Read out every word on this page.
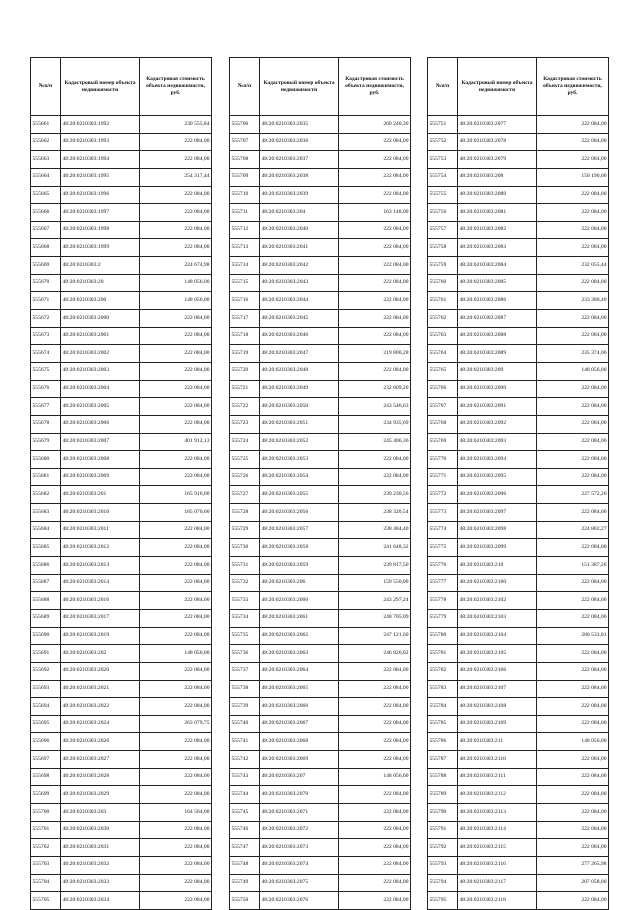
№п/п	Кадастровый номер объекта недвижимости	Кадастровая стоимость объекта недвижимости, руб.
555661	48:20:0210303:1992	230 555,84
555662	48:20:0210303:1993	222 084,00
555663	48:20:0210303:1994	222 084,00
555664	48:20:0210303:1995	254 317,44
555665	48:20:0210303:1996	222 084,00
555666	48:20:0210303:1997	222 084,00
555667	48:20:0210303:1998	222 084,00
555668	48:20:0210303:1999	222 084,00
555669	48:20:0210303:2	224 674,98
555670	48:20:0210303:20	148 056,00
555671	48:20:0210303:200	148 056,00
555672	48:20:0210303:2000	222 084,00
555673	48:20:0210303:2001	222 084,00
555674	48:20:0210303:2002	222 084,00
555675	48:20:0210303:2003	222 084,00
555676	48:20:0210303:2004	222 084,00
555677	48:20:0210303:2005	222 084,00
555678	48:20:0210303:2006	222 084,00
555679	48:20:0210303:2007	401 912,13
555680	48:20:0210303:2008	222 084,00
555681	48:20:0210303:2009	222 084,00
555682	48:20:0210303:201	165 916,00
555683	48:20:0210303:2010	185 070,00
555684	48:20:0210303:2011	222 084,00
555685	48:20:0210303:2012	222 084,00
555686	48:20:0210303:2013	222 084,00
555687	48:20:0210303:2014	222 084,00
555688	48:20:0210303:2016	222 084,00
555689	48:20:0210303:2017	222 084,00
555690	48:20:0210303:2019	222 084,00
555691	48:20:0210303:202	148 056,00
555692	48:20:0210303:2020	222 084,00
555693	48:20:0210303:2021	222 084,00
555694	48:20:0210303:2022	222 084,00
555695	48:20:0210303:2024	263 079,75
555696	48:20:0210303:2026	222 084,00
555697	48:20:0210303:2027	222 084,00
555698	48:20:0210303:2028	222 084,00
555699	48:20:0210303:2029	222 084,00
555700	48:20:0210303:203	164 564,00
555701	48:20:0210303:2030	222 084,00
555702	48:20:0210303:2031	222 084,00
555703	48:20:0210303:2032	222 084,00
555704	48:20:0210303:2033	222 084,00
555705	48:20:0210303:2034	222 084,00
№п/п	Кадастровый номер объекта недвижимости	Кадастровая стоимость объекта недвижимости, руб.
555706	48:20:0210303:2035	260 240,30
555707	48:20:0210303:2036	222 084,00
555708	48:20:0210303:2037	222 084,00
555709	48:20:0210303:2038	222 084,00
555710	48:20:0210303:2039	222 084,00
555711	48:20:0210303:204	163 148,00
555712	48:20:0210303:2040	222 084,00
555713	48:20:0210303:2041	222 084,00
555714	48:20:0210303:2042	222 084,00
555715	48:20:0210303:2043	222 084,00
555716	48:20:0210303:2044	222 084,00
555717	48:20:0210303:2045	222 084,00
555718	48:20:0210303:2046	222 084,00
555719	48:20:0210303:2047	219 800,28
555720	48:20:0210303:2048	222 084,00
555721	48:20:0210303:2049	232 609,20
555722	48:20:0210303:2050	243 546,63
555723	48:20:0210303:2051	234 935,69
555724	48:20:0210303:2052	245 406,36
555725	48:20:0210303:2053	222 084,00
555726	48:20:0210303:2054	222 084,00
555727	48:20:0210303:2055	239 230,56
555728	48:20:0210303:2056	238 320,54
555729	48:20:0210303:2057	238 484,40
555730	48:20:0210303:2058	241 648,32
555731	48:20:0210303:2059	239 817,50
555732	48:20:0210303:206	159 550,00
555733	48:20:0210303:2060	243 297,24
555734	48:20:0210303:2061	240 705,09
555735	48:20:0210303:2062	247 121,60
555736	48:20:0210303:2063	246 826,02
555737	48:20:0210303:2064	222 084,00
555738	48:20:0210303:2065	222 084,00
555739	48:20:0210303:2066	222 084,00
555740	48:20:0210303:2067	222 084,00
555741	48:20:0210303:2068	222 084,00
555742	48:20:0210303:2069	222 084,00
555743	48:20:0210303:207	148 056,00
555744	48:20:0210303:2070	222 084,00
555745	48:20:0210303:2071	222 084,00
555746	48:20:0210303:2072	222 084,00
555747	48:20:0210303:2073	222 084,00
555748	48:20:0210303:2074	222 084,00
555749	48:20:0210303:2075	222 084,00
555750	48:20:0210303:2076	222 084,00
№п/п	Кадастровый номер объекта недвижимости	Кадастровая стоимость объекта недвижимости, руб.
555751	48:20:0210303:2077	222 084,00
555752	48:20:0210303:2078	222 084,00
555753	48:20:0210303:2079	222 084,00
555754	48:20:0210303:208	150 190,00
555755	48:20:0210303:2080	222 084,00
555756	48:20:0210303:2081	222 084,00
555757	48:20:0210303:2082	222 084,00
555758	48:20:0210303:2083	222 084,00
555759	48:20:0210303:2084	232 055,44
555760	48:20:0210303:2085	222 084,00
555761	48:20:0210303:2086	233 380,40
555762	48:20:0210303:2087	222 084,00
555763	48:20:0210303:2088	222 084,00
555764	48:20:0210303:2089	235 374,00
555765	48:20:0210303:209	148 056,00
555766	48:20:0210303:2090	222 084,00
555767	48:20:0210303:2091	222 084,00
555768	48:20:0210303:2092	222 084,00
555769	48:20:0210303:2093	222 084,00
555770	48:20:0210303:2094	222 084,00
555771	48:20:0210303:2095	222 084,00
555772	48:20:0210303:2096	227 572,20
555773	48:20:0210303:2097	222 084,00
555774	48:20:0210303:2098	224 882,27
555775	48:20:0210303:2099	222 084,00
555776	48:20:0210303:210	151 387,26
555777	48:20:0210303:2100	222 084,00
555778	48:20:0210303:2102	222 084,00
555779	48:20:0210303:2103	222 084,00
555780	48:20:0210303:2104	280 533,01
555781	48:20:0210303:2105	222 084,00
555782	48:20:0210303:2106	222 084,00
555783	48:20:0210303:2107	222 084,00
555784	48:20:0210303:2108	222 084,00
555785	48:20:0210303:2109	222 084,00
555786	48:20:0210303:211	148 056,00
555787	48:20:0210303:2110	222 084,00
555788	48:20:0210303:2111	222 084,00
555789	48:20:0210303:2112	222 084,00
555790	48:20:0210303:2113	222 084,00
555791	48:20:0210303:2114	222 084,00
555792	48:20:0210303:2115	222 084,00
555793	48:20:0210303:2116	277 265,98
555794	48:20:0210303:2117	207 058,00
555795	48:20:0210303:2118	222 084,00
